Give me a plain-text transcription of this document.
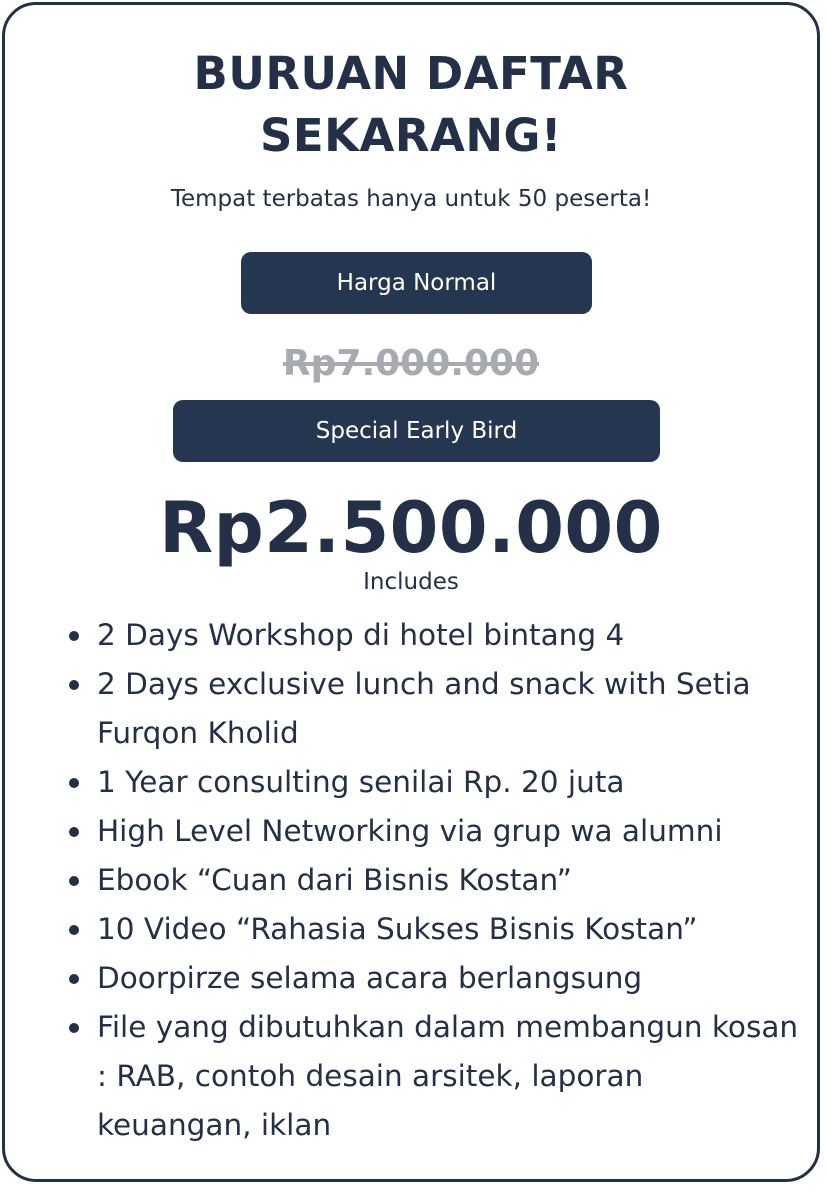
BURUAN DAFTAR
SEKARANG!
Tempat terbatas hanya untuk 50 peserta!
Harga Normal
Rp7.000.000
Special Early Bird
Rp2.500.000
Includes
2 Days Workshop di hotel bintang 4
2 Days exclusive lunch and snack with Setia Furqon Kholid
1 Year consulting senilai Rp. 20 juta
High Level Networking via grup wa alumni
Ebook “Cuan dari Bisnis Kostan”
10 Video “Rahasia Sukses Bisnis Kostan”
Doorpirze selama acara berlangsung
File yang dibutuhkan dalam membangun kosan : RAB, contoh desain arsitek, laporan keuangan, iklan
